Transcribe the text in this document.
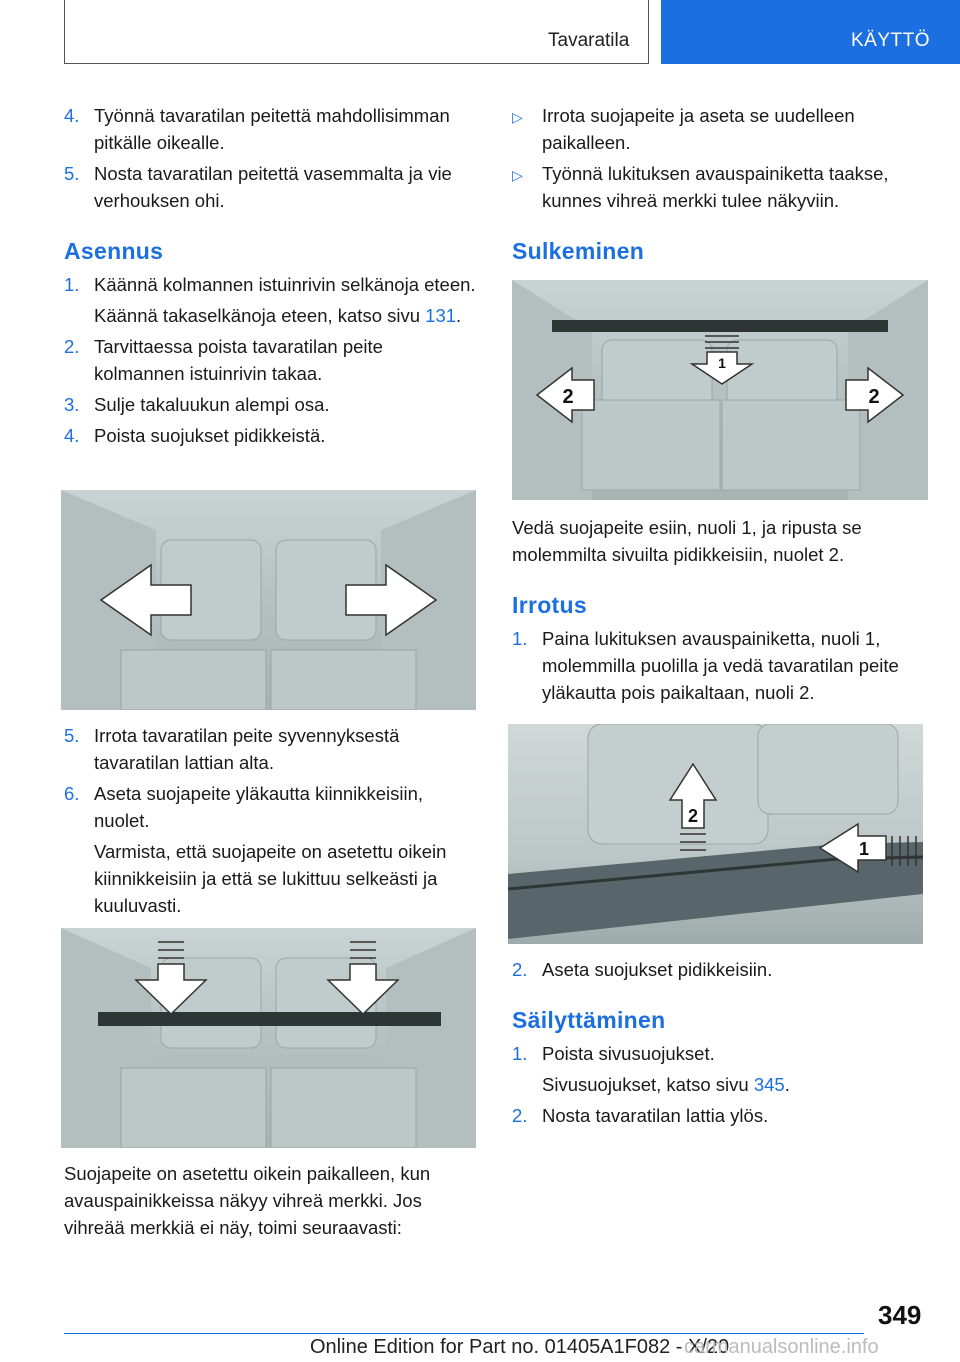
Tavaratila	KÄYTTÖ
4. Työnnä tavaratilan peitettä mahdollisimman pitkälle oikealle.
5. Nosta tavaratilan peitettä vasemmalta ja vie verhouksen ohi.
Asennus
1. Käännä kolmannen istuinrivin selkänoja eteen.
Käännä takaselkänoja eteen, katso sivu 131.
2. Tarvittaessa poista tavaratilan peite kolmannen istuinrivin takaa.
3. Sulje takaluukun alempi osa.
4. Poista suojukset pidikkeistä.
5. Irrota tavaratilan peite syvennyksestä tavaratilan lattian alta.
6. Aseta suojapeite yläkautta kiinnikkeisiin, nuolet.
Varmista, että suojapeite on asetettu oikein kiinnikkeisiin ja että se lukittuu selkeästi ja kuuluvasti.
Suojapeite on asetettu oikein paikalleen, kun avauspainikkeissa näkyy vihreä merkki. Jos vihreää merkkiä ei näy, toimi seuraavasti:
▷	Irrota suojapeite ja aseta se uudelleen paikalleen.
▷	Työnnä lukituksen avauspainiketta taakse, kunnes vihreä merkki tulee näkyviin.
Sulkeminen
1
2	2
Vedä suojapeite esiin, nuoli 1, ja ripusta se molemmilta sivuilta pidikkeisiin, nuolet 2.
Irrotus
1. Paina lukituksen avauspainiketta, nuoli 1, molemmilla puolilla ja vedä tavaratilan peite yläkautta pois paikaltaan, nuoli 2.
2
1
2. Aseta suojukset pidikkeisiin.
Säilyttäminen
1. Poista sivusuojukset.
Sivusuojukset, katso sivu 345.
2. Nosta tavaratilan lattia ylös.
349
Online Edition for Part no. 01405A1F082 - X/20
carmanualsonline.info
